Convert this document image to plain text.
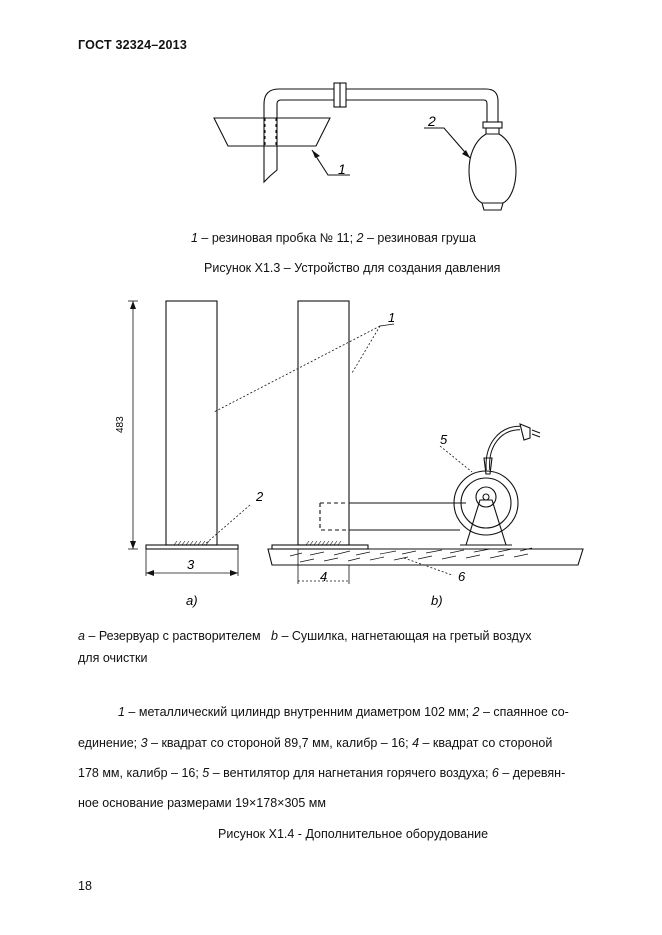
ГОСТ 32324–2013
1
2
1 – резиновая пробка № 11; 2 – резиновая груша
Рисунок X1.3 – Устройство для создания давления
1
2
3
4
5
6
483
a)	b)
a – Резервуар с растворителем b – Сушилка, нагнетающая на гретый воздух
для очистки
1 – металлический цилиндр внутренним диаметром 102 мм; 2 – спаянное со-
единение; 3 – квадрат со стороной 89,7 мм, калибр – 16; 4 – квадрат со стороной
178 мм, калибр – 16; 5 – вентилятор для нагнетания горячего воздуха; 6 – деревян-
ное основание размерами 19×178×305 мм
Рисунок X1.4 - Дополнительное оборудование
18
